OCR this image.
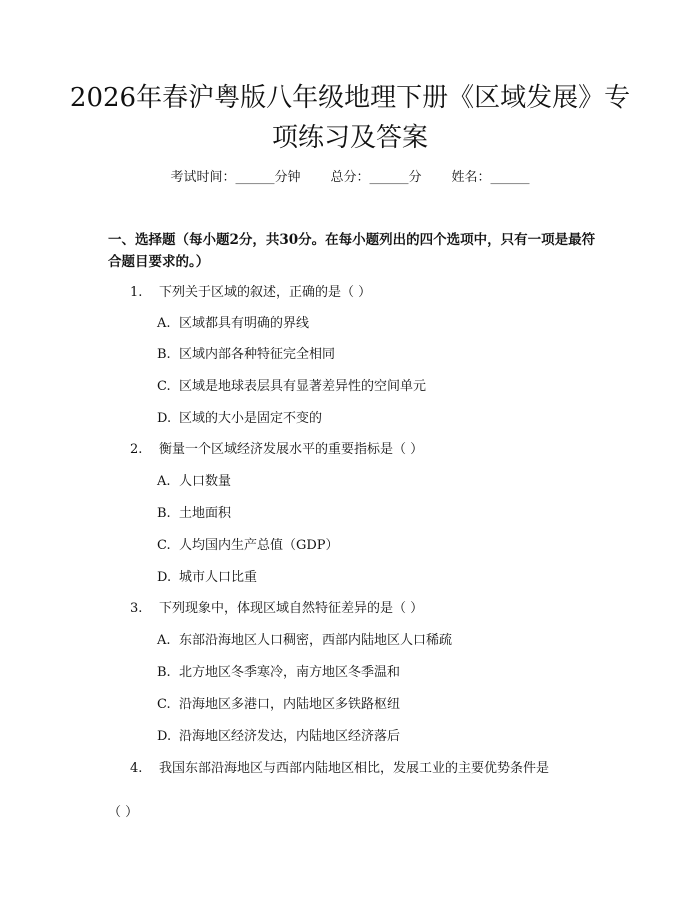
2026年春沪粤版八年级地理下册《区域发展》专项练习及答案
考试时间：______分钟 总分：______分 姓名：______

一、选择题（每小题2分，共30分。在每小题列出的四个选项中，只有一项是最符合题目要求的。）

1.	下列关于区域的叙述，正确的是（ ）
A. 区域都具有明确的界线
B. 区域内部各种特征完全相同
C. 区域是地球表层具有显著差异性的空间单元
D. 区域的大小是固定不变的
2.	衡量一个区域经济发展水平的重要指标是（ ）
A. 人口数量
B. 土地面积
C. 人均国内生产总值（GDP）
D. 城市人口比重
3.	下列现象中，体现区域自然特征差异的是（ ）
A. 东部沿海地区人口稠密，西部内陆地区人口稀疏
B. 北方地区冬季寒冷，南方地区冬季温和
C. 沿海地区多港口，内陆地区多铁路枢纽
D. 沿海地区经济发达，内陆地区经济落后
4.	我国东部沿海地区与西部内陆地区相比，发展工业的主要优势条件是
（ ）
